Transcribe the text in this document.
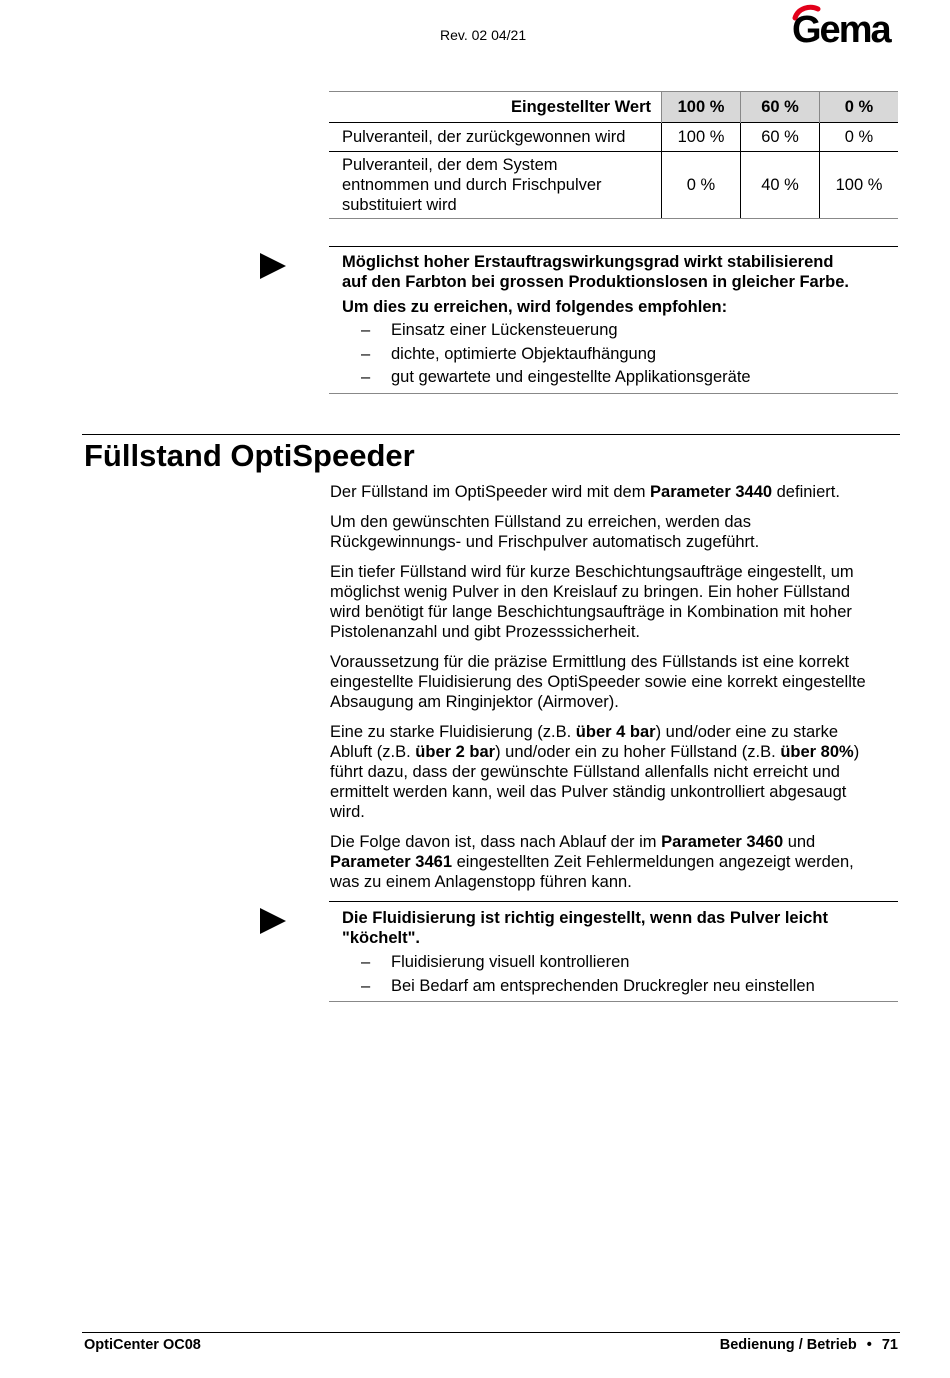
Rev. 02 04/21	Gema
Eingestellter Wert	100 %	60 %	0 %
Pulveranteil, der zurückgewonnen wird	100 %	60 %	0 %

Pulveranteil, der dem System
entnommen und durch Frischpulver
substituiert wird	0 %	40 %	100 %
Möglichst hoher Erstauftragswirkungsgrad wirkt stabilisierend
auf den Farbton bei grossen Produktionslosen in gleicher Farbe.
Um dies zu erreichen, wird folgendes empfohlen:
– Einsatz einer Lückensteuerung
– dichte, optimierte Objektaufhängung
– gut gewartete und eingestellte Applikationsgeräte
Füllstand OptiSpeeder

Der Füllstand im OptiSpeeder wird mit dem Parameter 3440 definiert.

Um den gewünschten Füllstand zu erreichen, werden das
Rückgewinnungs- und Frischpulver automatisch zugeführt.

Ein tiefer Füllstand wird für kurze Beschichtungsaufträge eingestellt, um
möglichst wenig Pulver in den Kreislauf zu bringen. Ein hoher Füllstand
wird benötigt für lange Beschichtungsaufträge in Kombination mit hoher
Pistolenanzahl und gibt Prozesssicherheit.

Voraussetzung für die präzise Ermittlung des Füllstands ist eine korrekt
eingestellte Fluidisierung des OptiSpeeder sowie eine korrekt eingestellte
Absaugung am Ringinjektor (Airmover).

Eine zu starke Fluidisierung (z.B. über 4 bar) und/oder eine zu starke
Abluft (z.B. über 2 bar) und/oder ein zu hoher Füllstand (z.B. über 80%)
führt dazu, dass der gewünschte Füllstand allenfalls nicht erreicht und
ermittelt werden kann, weil das Pulver ständig unkontrolliert abgesaugt
wird.

Die Folge davon ist, dass nach Ablauf der im Parameter 3460 und
Parameter 3461 eingestellten Zeit Fehlermeldungen angezeigt werden,
was zu einem Anlagenstopp führen kann.

Die Fluidisierung ist richtig eingestellt, wenn das Pulver leicht
"köchelt".
– Fluidisierung visuell kontrollieren
– Bei Bedarf am entsprechenden Druckregler neu einstellen
OptiCenter OC08	Bedienung / Betrieb • 71
